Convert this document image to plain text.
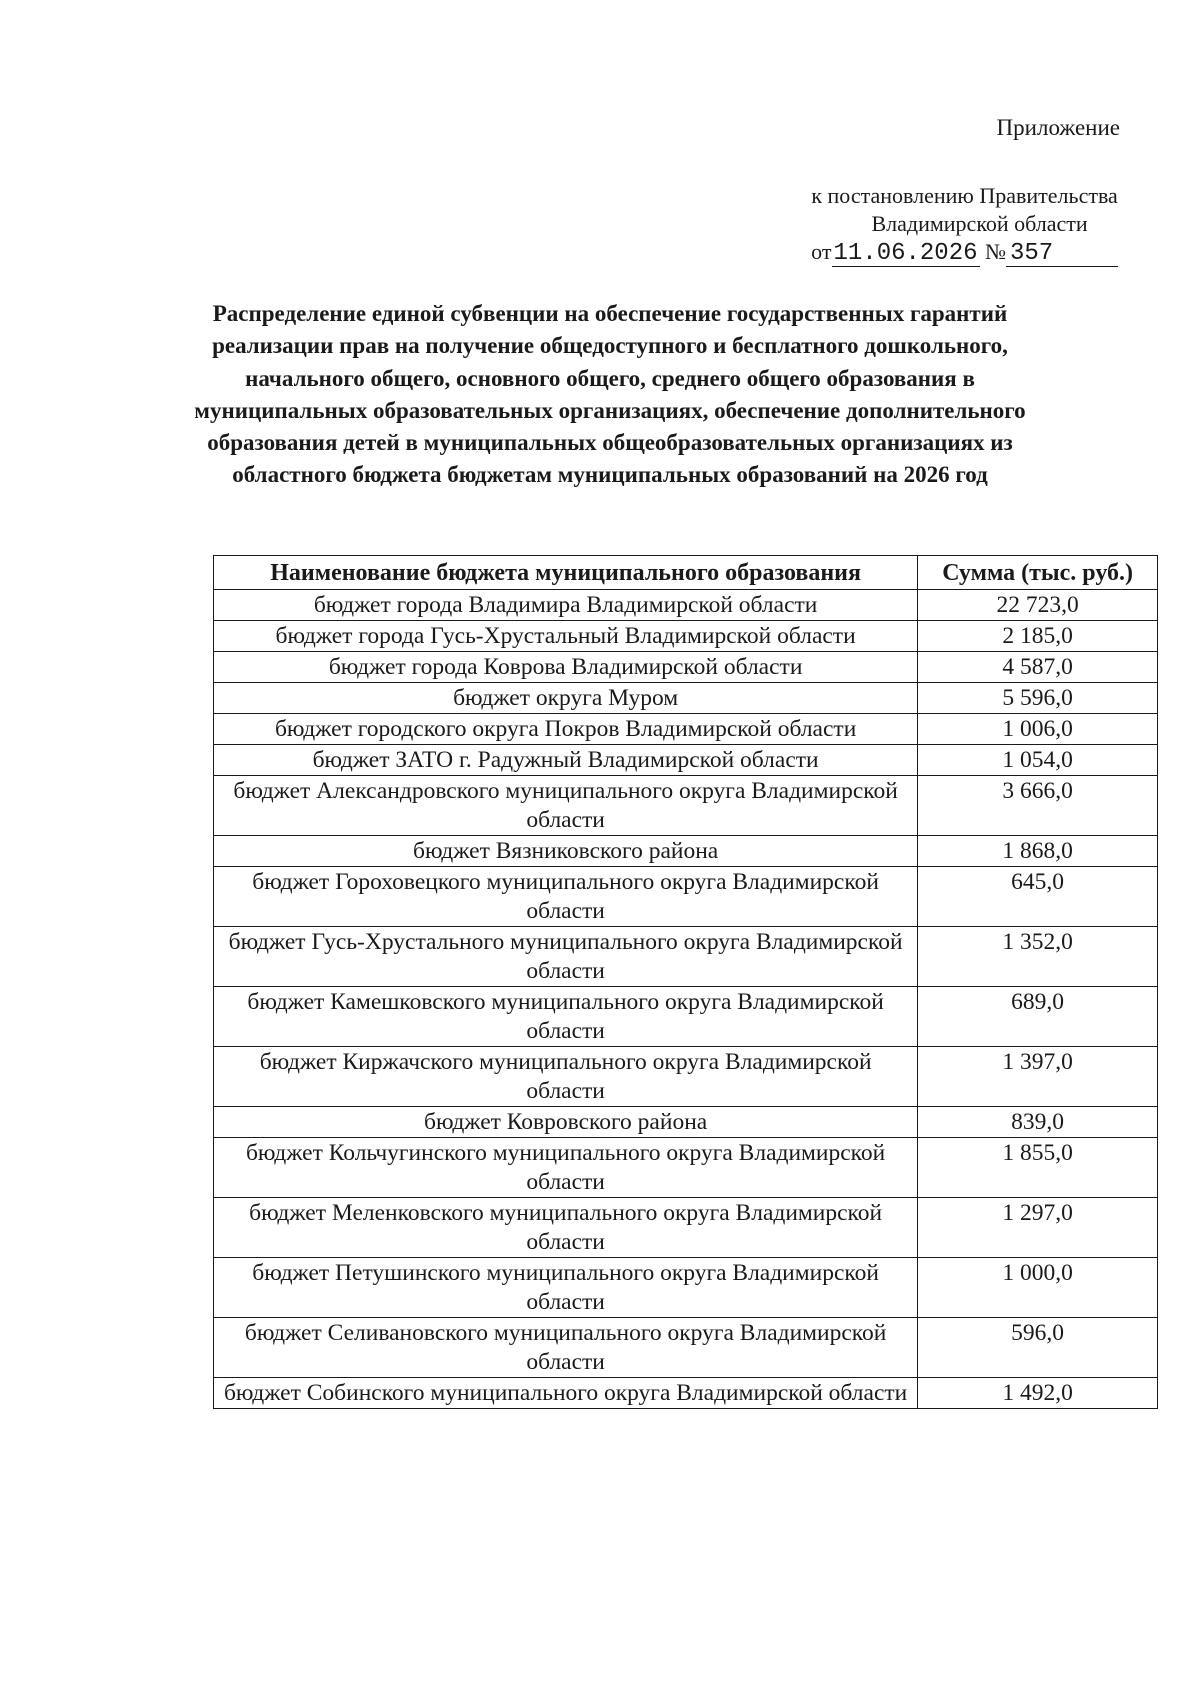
Приложение

к постановлению Правительства
Владимирской области
от11.06.2026 № 357
Распределение единой субвенции на обеспечение государственных гарантий реализации прав на получение общедоступного и бесплатного дошкольного, начального общего, основного общего, среднего общего образования в муниципальных образовательных организациях, обеспечение дополнительного образования детей в муниципальных общеобразовательных организациях из областного бюджета бюджетам муниципальных образований на 2026 год
Наименование бюджета муниципального образования	Сумма (тыс. руб.)
бюджет города Владимира Владимирской области	22 723,0
бюджет города Гусь-Хрустальный Владимирской области	2 185,0
бюджет города Коврова Владимирской области	4 587,0
бюджет округа Муром	5 596,0
бюджет городского округа Покров Владимирской области	1 006,0
бюджет ЗАТО г. Радужный Владимирской области	1 054,0
бюджет Александровского муниципального округа Владимирской области	3 666,0
бюджет Вязниковского района	1 868,0
бюджет Гороховецкого муниципального округа Владимирской области	645,0
бюджет Гусь-Хрустального муниципального округа Владимирской области	1 352,0
бюджет Камешковского муниципального округа Владимирской области	689,0
бюджет Киржачского муниципального округа Владимирской области	1 397,0
бюджет Ковровского района	839,0
бюджет Кольчугинского муниципального округа Владимирской области	1 855,0
бюджет Меленковского муниципального округа Владимирской области	1 297,0
бюджет Петушинского муниципального округа Владимирской области	1 000,0
бюджет Селивановского муниципального округа Владимирской области	596,0
бюджет Собинского муниципального округа Владимирской области	1 492,0
